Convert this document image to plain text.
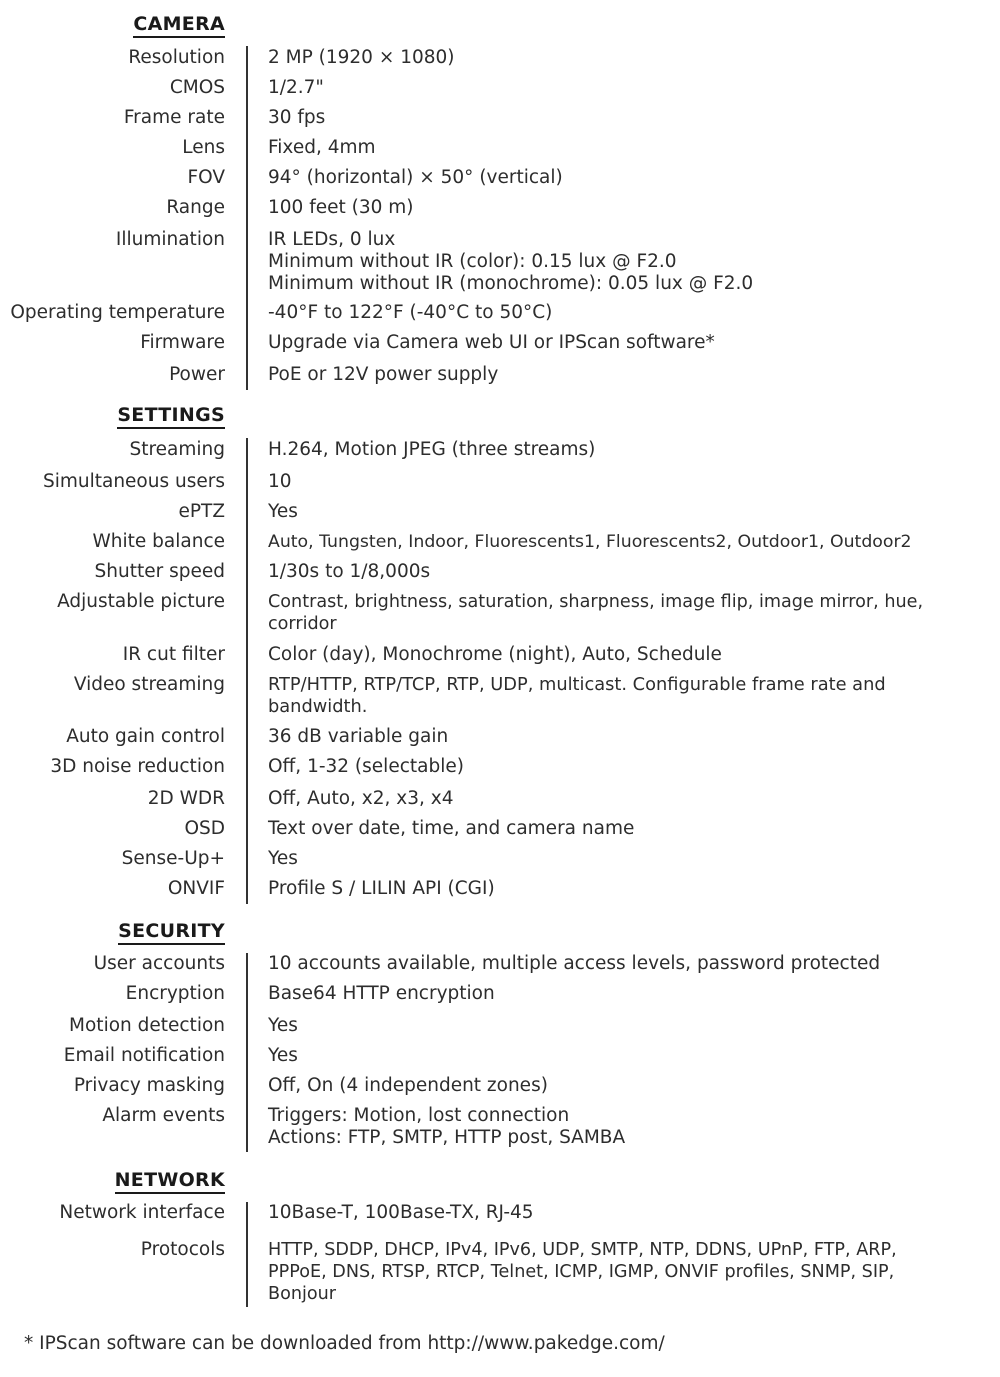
CAMERA
Resolution 2 MP (1920 × 1080)
CMOS 1/2.7"
Frame rate 30 fps
Lens Fixed, 4mm
FOV 94° (horizontal) × 50° (vertical)
Range 100 feet (30 m)
Illumination IR LEDs, 0 lux
Minimum without IR (color): 0.15 lux @ F2.0
Minimum without IR (monochrome): 0.05 lux @ F2.0
Operating temperature -40°F to 122°F (-40°C to 50°C)
Firmware Upgrade via Camera web UI or IPScan software*
Power PoE or 12V power supply
SETTINGS
Streaming H.264, Motion JPEG (three streams)
Simultaneous users 10
ePTZ Yes
White balance Auto, Tungsten, Indoor, Fluorescents1, Fluorescents2, Outdoor1, Outdoor2
Shutter speed 1/30s to 1/8,000s
Adjustable picture Contrast, brightness, saturation, sharpness, image flip, image mirror, hue,
corridor
IR cut filter Color (day), Monochrome (night), Auto, Schedule
Video streaming RTP/HTTP, RTP/TCP, RTP, UDP, multicast. Configurable frame rate and
bandwidth.
Auto gain control 36 dB variable gain
3D noise reduction Off, 1-32 (selectable)
2D WDR Off, Auto, x2, x3, x4
OSD Text over date, time, and camera name
Sense-Up+ Yes
ONVIF Profile S / LILIN API (CGI)
SECURITY
User accounts 10 accounts available, multiple access levels, password protected
Encryption Base64 HTTP encryption
Motion detection Yes
Email notification Yes
Privacy masking Off, On (4 independent zones)
Alarm events Triggers: Motion, lost connection
Actions: FTP, SMTP, HTTP post, SAMBA
NETWORK
Network interface 10Base-T, 100Base-TX, RJ-45
Protocols HTTP, SDDP, DHCP, IPv4, IPv6, UDP, SMTP, NTP, DDNS, UPnP, FTP, ARP,
PPPoE, DNS, RTSP, RTCP, Telnet, ICMP, IGMP, ONVIF profiles, SNMP, SIP,
Bonjour
* IPScan software can be downloaded from http://www.pakedge.com/
